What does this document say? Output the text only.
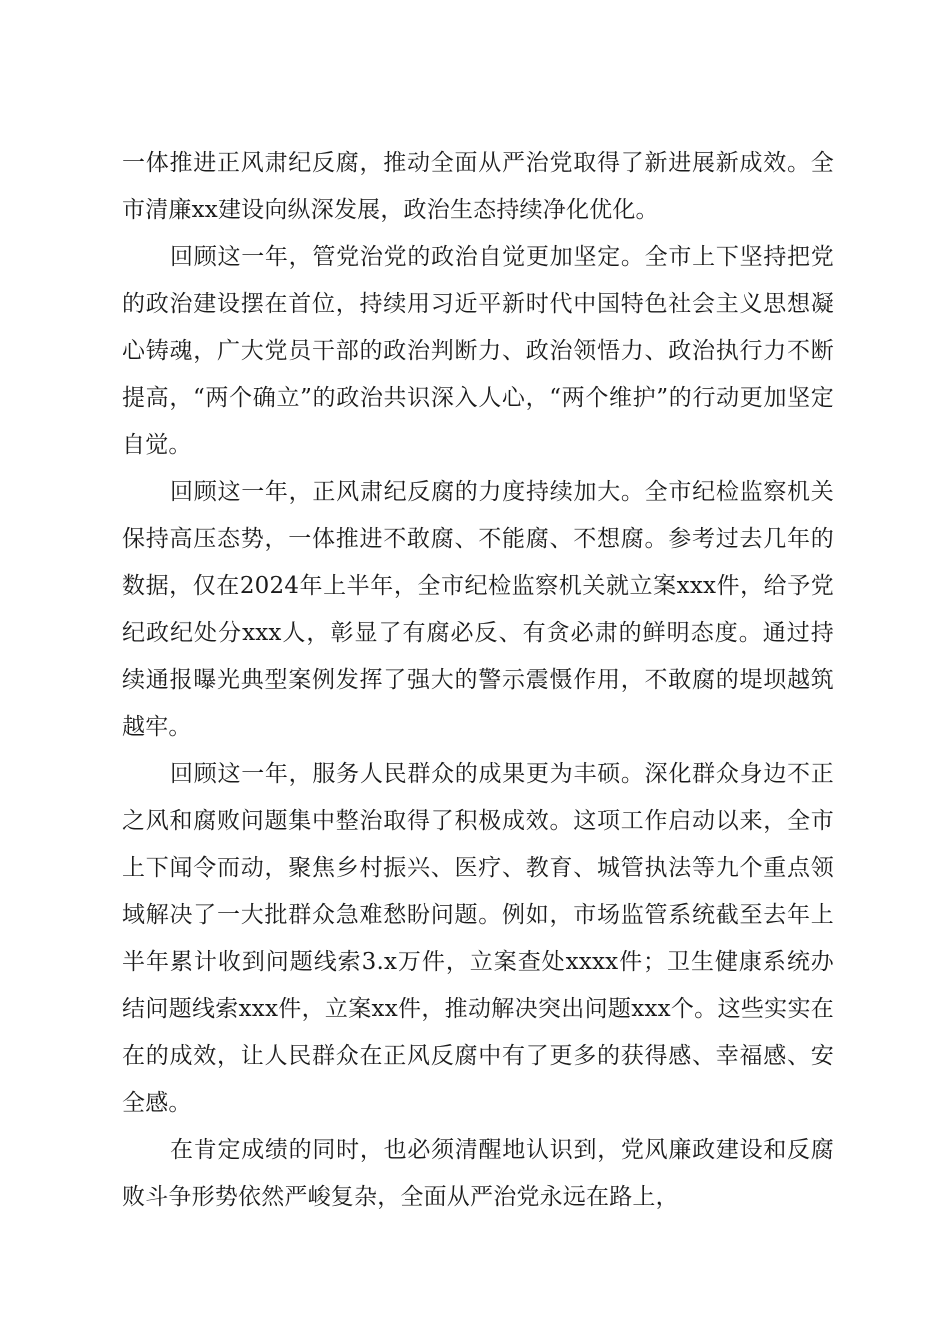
一体推进正风肃纪反腐，推动全面从严治党取得了新进展新成效。全市清廉xx建设向纵深发展，政治生态持续净化优化。

回顾这一年，管党治党的政治自觉更加坚定。全市上下坚持把党的政治建设摆在首位，持续用习近平新时代中国特色社会主义思想凝心铸魂，广大党员干部的政治判断力、政治领悟力、政治执行力不断提高，“两个确立”的政治共识深入人心，“两个维护”的行动更加坚定自觉。

回顾这一年，正风肃纪反腐的力度持续加大。全市纪检监察机关保持高压态势，一体推进不敢腐、不能腐、不想腐。参考过去几年的数据，仅在2024年上半年，全市纪检监察机关就立案xxx件，给予党纪政纪处分xxx人，彰显了有腐必反、有贪必肃的鲜明态度。通过持续通报曝光典型案例发挥了强大的警示震慑作用，不敢腐的堤坝越筑越牢。

回顾这一年，服务人民群众的成果更为丰硕。深化群众身边不正之风和腐败问题集中整治取得了积极成效。这项工作启动以来，全市上下闻令而动，聚焦乡村振兴、医疗、教育、城管执法等九个重点领域解决了一大批群众急难愁盼问题。例如，市场监管系统截至去年上半年累计收到问题线索3.x万件，立案查处xxxx件；卫生健康系统办结问题线索xxx件，立案xx件，推动解决突出问题xxx个。这些实实在在的成效，让人民群众在正风反腐中有了更多的获得感、幸福感、安全感。

在肯定成绩的同时，也必须清醒地认识到，党风廉政建设和反腐败斗争形势依然严峻复杂，全面从严治党永远在路上，
